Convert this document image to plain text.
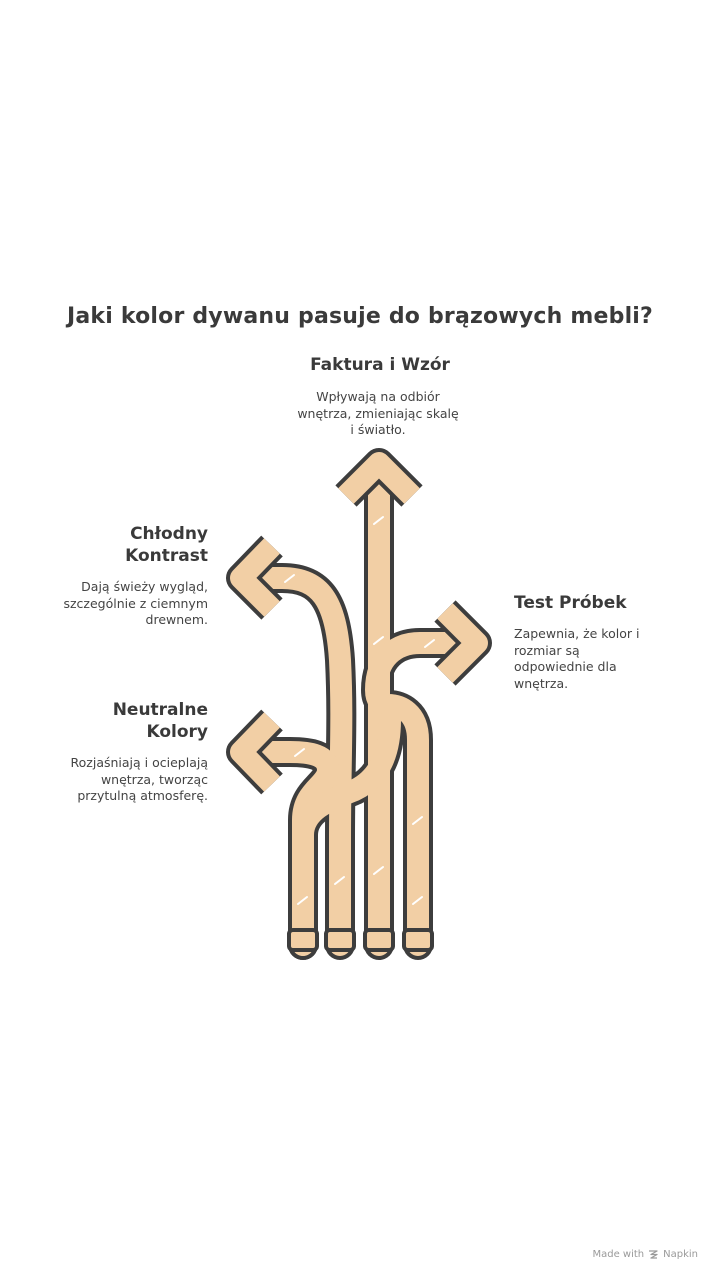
Jaki kolor dywanu pasuje do brązowych mebli?
Faktura i Wzór
Wpływają na odbiór
wnętrza, zmieniając skalę
i światło.
Chłodny
Kontrast
Dają świeży wygląd,
szczególnie z ciemnym
drewnem.
Neutralne
Kolory
Rozjaśniają i ocieplają
wnętrza, tworząc
przytulną atmosferę.
Test Próbek
Zapewnia, że kolor i
rozmiar są
odpowiednie dla
wnętrza.
Made with Napkin
